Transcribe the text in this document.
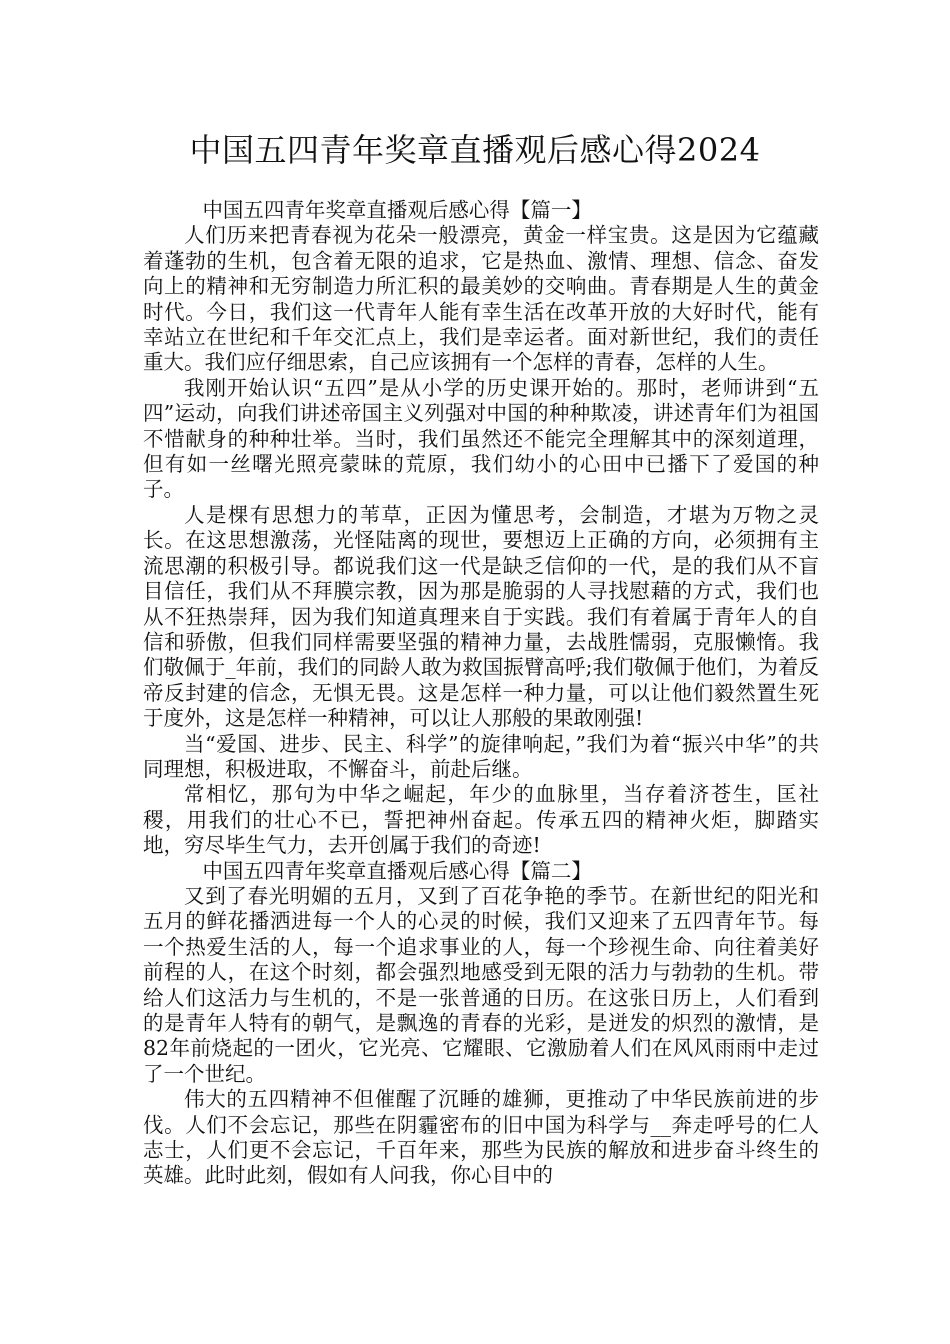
中国五四青年奖章直播观后感心得2024

中国五四青年奖章直播观后感心得【篇一】

人们历来把青春视为花朵一般漂亮，黄金一样宝贵。这是因为它蕴藏着蓬勃的生机，包含着无限的追求，它是热血、激情、理想、信念、奋发向上的精神和无穷制造力所汇积的最美妙的交响曲。青春期是人生的黄金时代。今日，我们这一代青年人能有幸生活在改革开放的大好时代，能有幸站立在世纪和千年交汇点上，我们是幸运者。面对新世纪，我们的责任重大。我们应仔细思索，自己应该拥有一个怎样的青春，怎样的人生。

我刚开始认识“五四”是从小学的历史课开始的。那时，老师讲到“五四”运动，向我们讲述帝国主义列强对中国的种种欺凌，讲述青年们为祖国不惜献身的种种壮举。当时，我们虽然还不能完全理解其中的深刻道理，但有如一丝曙光照亮蒙昧的荒原，我们幼小的心田中已播下了爱国的种子。

人是棵有思想力的苇草，正因为懂思考，会制造，才堪为万物之灵长。在这思想激荡，光怪陆离的现世，要想迈上正确的方向，必须拥有主流思潮的积极引导。都说我们这一代是缺乏信仰的一代，是的我们从不盲目信任，我们从不拜膜宗教，因为那是脆弱的人寻找慰藉的方式，我们也从不狂热崇拜，因为我们知道真理来自于实践。我们有着属于青年人的自信和骄傲，但我们同样需要坚强的精神力量，去战胜懦弱，克服懒惰。我们敬佩于_年前，我们的同龄人敢为救国振臂高呼;我们敬佩于他们，为着反帝反封建的信念，无惧无畏。这是怎样一种力量，可以让他们毅然置生死于度外，这是怎样一种精神，可以让人那般的果敢刚强!

当“爱国、进步、民主、科学”的旋律响起，”我们为着“振兴中华”的共同理想，积极进取，不懈奋斗，前赴后继。

常相忆，那句为中华之崛起，年少的血脉里，当存着济苍生，匡社稷，用我们的壮心不已，誓把神州奋起。传承五四的精神火炬，脚踏实地，穷尽毕生气力，去开创属于我们的奇迹!

中国五四青年奖章直播观后感心得【篇二】

又到了春光明媚的五月，又到了百花争艳的季节。在新世纪的阳光和五月的鲜花播洒进每一个人的心灵的时候，我们又迎来了五四青年节。每一个热爱生活的人，每一个追求事业的人，每一个珍视生命、向往着美好前程的人，在这个时刻，都会强烈地感受到无限的活力与勃勃的生机。带给人们这活力与生机的，不是一张普通的日历。在这张日历上，人们看到的是青年人特有的朝气，是飘逸的青春的光彩，是迸发的炽烈的激情，是82年前烧起的一团火，它光亮、它耀眼、它激励着人们在风风雨雨中走过了一个世纪。

伟大的五四精神不但催醒了沉睡的雄狮，更推动了中华民族前进的步伐。人们不会忘记，那些在阴霾密布的旧中国为科学与__奔走呼号的仁人志士，人们更不会忘记，千百年来，那些为民族的解放和进步奋斗终生的英雄。此时此刻，假如有人问我，你心目中的
